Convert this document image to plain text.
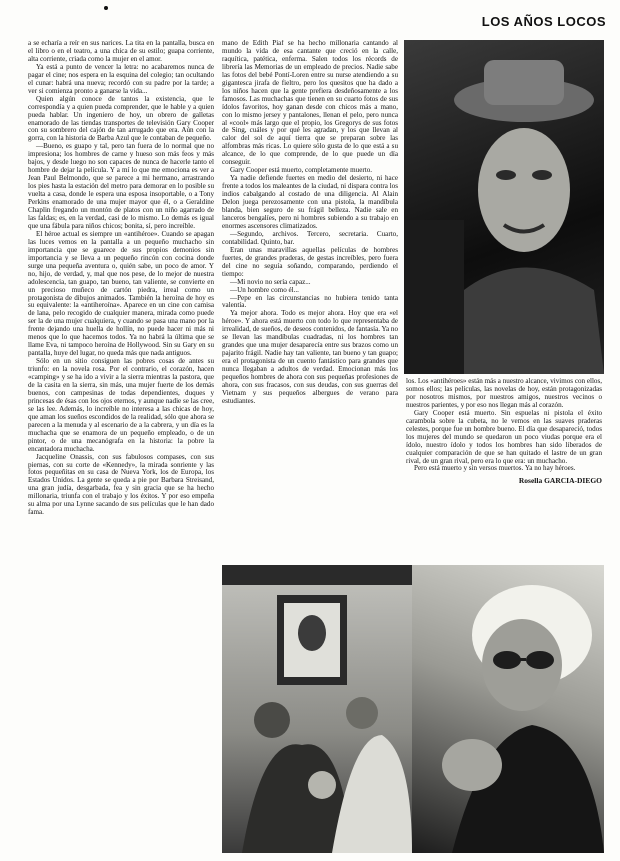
LOS AÑOS LOCOS

a se echaría a reír en sus narices. La tita en la pantalla, busca en el libro o en el teatro, a una chica de su estilo; guapa corriente, alta corriente, criada como la mujer en el amor.

Ya está a punto de vencer la letra: no acabaremos nunca de pagar el cine; nos espera en la esquina del colegio; tan ocultando el cunar: habrá una nueva; recordó con su padre por la tarde; a ver si comienza pronto a ganarse la vida...

Quien algún conoce de tantos la existencia, que le correspondía y a quien pueda comprender, que le hable y a quien pueda hablar. Un ingeniero de hoy, un obrero de galletas enamorado de las tiendas transportes de televisión Gary Cooper con su sombrero del cajón de tan arrugado que era. Aún con la gorra, con la historia de Barba Azul que le contaban de pequeño.

—Bueno, es guapo y tal, pero tan fuera de lo normal que no impresiona; los hombres de carne y hueso son más feos y más bajos, y desde luego no son capaces de nunca de hacerle tanto el hombre de dejar la película. Y a mí lo que me emociona es ver a Jean Paul Belmondo, que se parece a mi hermano, arrastrando los pies hasta la estación del metro para demorar en lo posible su vuelta a casa, donde le espera una esposa insoportable, o a Tony Perkins enamorado de una mujer mayor que él, o a Geraldine Chaplin fregando un montón de platos con un niño agarrado de las faldas; es, en la verdad, casi de lo mismo. Lo demás es igual que una fábula para niños chicos; bonita, sí, pero increíble.

El héroe actual es siempre un «antihéroe». Cuando se apagan las luces vemos en la pantalla a un pequeño muchacho sin importancia que se guarece de sus propios demonios sin importancia y se lleva a un pequeño rincón con cocina donde surge una pequeña aventura o, quién sabe, un poco de amor. Y no, hijo, de verdad, y, mal que nos pese, de lo mejor de nuestra adolescencia, tan guapo, tan bueno, tan valiente, se convierte en un precioso muñeco de cartón piedra, irreal como un protagonista de dibujos animados. También la heroína de hoy es su equivalente: la «antiheroína». Aparece en un cine con camisa de lana, pelo recogido de cualquier manera, mirada como puede ser la de una mujer cualquiera, y cuando se pasa una mano por la frente dejando una huella de hollín, no puede hacer ni más ni menos que lo que hacemos todos. Ya no habrá la última que se llame Eva, ni tampoco heroína de Hollywood. Sin su Gary en su pantalla, huye del lugar, no queda más que nada antiguos.

Sólo en un sitio consiguen las pobres cosas de antes su triunfo: en la novela rosa. Por el contrario, el corazón, hacen «camping» y se ha ido a vivir a la sierra mientras la pastora, que de la casita en la sierra, sin más, una mujer fuerte de los demás buenos, con campesinas de todas dependientes, duques y princesas de ésas con los ojos eternos, y aunque nadie se las cree, se las lee. Además, lo increíble no interesa a las chicas de hoy, que aman los sueños escondidos de la realidad, sólo que ahora se parecen a la menuda y al escenario de a la cabrera, y un día es la muchacha que se enamora de un pequeño empleado, o de un pintor, o de una mecanógrafa en la historia: la pobre la encantadora muchacha.

Jacqueline Onassis, con sus fabulosos compases, con sus piernas, con su corte de «Kennedy», la mirada sonriente y las fotos pequeñitas en su casa de Nueva York, los de Europa, los Estados Unidos. La gente se queda a pie por Barbara Streisand, una gran judía, desgarbada, fea y sin gracia que se ha hecho millonaria, triunfa con el trabajo y los éxitos. Y por eso empeña su alma por una Lynne sacando de sus películas que le han dado fama.

mano de Edith Piaf se ha hecho millonaria cantando al mundo la vida de esa cantante que creció en la calle, raquítica, patética, enferma. Salen todos los récords de librería las Memorias de un empleado de precios. Nadie sabe las fotos del bebé Pontí-Loren entre su nurse atendiendo a su gigantesca jirafa de fieltro, pero los quesitos que ha dado a los niños hacen que la gente prefiera desdeñosamente a los famosos. Las muchachas que tienen en su cuarto fotos de sus ídolos favoritos, hoy ganan desde con chicos más a mano, con lo mismo jersey y pantalones, llenan el pelo, pero nunca al «cool» más largo que el propio, los Gregorys de sus fotos de Sing, cuáles y por qué les agradan, y los que llevan al calor del sol de aquí tierra que se preparan sobre las alfombras más ricas. Lo quiere sólo gusta de lo que está a su alcance, de lo que comprende, de lo que puede un día conseguir.

Gary Cooper está muerto, completamente muerto.

Ya nadie defiende fuertes en medio del desierto, ni hace frente a todos los maleantes de la ciudad, ni dispara contra los indios cabalgando al costado de una diligencia. Al Alain Delon juega perezosamente con una pistola, la mandíbula blanda, bien seguro de su frágil belleza. Nadie sale en lanceros bengalíes, pero ni hombres subiendo a su trabajo en enormes ascensores climatizados.

—Segundo, archivos. Tercero, secretaria. Cuarto, contabilidad. Quinto, bar.

Eran unas maravillas aquellas películas de hombres fuertes, de grandes praderas, de gestas increíbles, pero fuera del cine no seguía soñando, comparando, perdiendo el tiempo:

—Mi novio no sería capaz...

—Un hombre como él...

—Pepe en las circunstancias no hubiera tenido tanta valentía.

Ya mejor ahora. Todo es mejor ahora. Hoy que era «el héroe». Y ahora está muerto con todo lo que representaba de irrealidad, de sueños, de deseos contenidos, de fantasía. Ya no se llevan las mandíbulas cuadradas, ni los hombres tan grandes que una mujer desaparecía entre sus brazos como un pajarito frágil. Nadie hay tan valiente, tan bueno y tan guapo; era el protagonista de un cuento fantástico para grandes que nunca llegaban a adultos de verdad. Emocionan más los pequeños hombres de ahora con sus pequeñas profesiones de ahora, con sus fracasos, con sus deudas, con sus guerras del Vietnam y sus pequeños albergues de verano para estudiantes.

los. Los «antihéroes» están más a nuestro alcance, vivimos con ellos, somos ellos; las películas, las novelas de hoy, están protagonizadas por nosotros mismos, por nuestros amigos, nuestros vecinos o nuestros parientes, y por eso nos llegan más al corazón.

Gary Cooper está muerto. Sin espuelas ni pistola el éxito carambola sobre la cubeta, no le vemos en las suaves praderas celestes, porque fue un hombre bueno. El día que desapareció, todos los mujeres del mundo se quedaron un poco viudas porque era el ídolo, nuestro ídolo y todos los hombres han sido liberados de cualquier comparación de que se han quitado el lastre de un gran rival, de un gran rival, pero era lo que era: un muchacho.

Pero está muerto y sin versos muertos. Ya no hay héroes.

Rosella GARCIA-DIEGO
